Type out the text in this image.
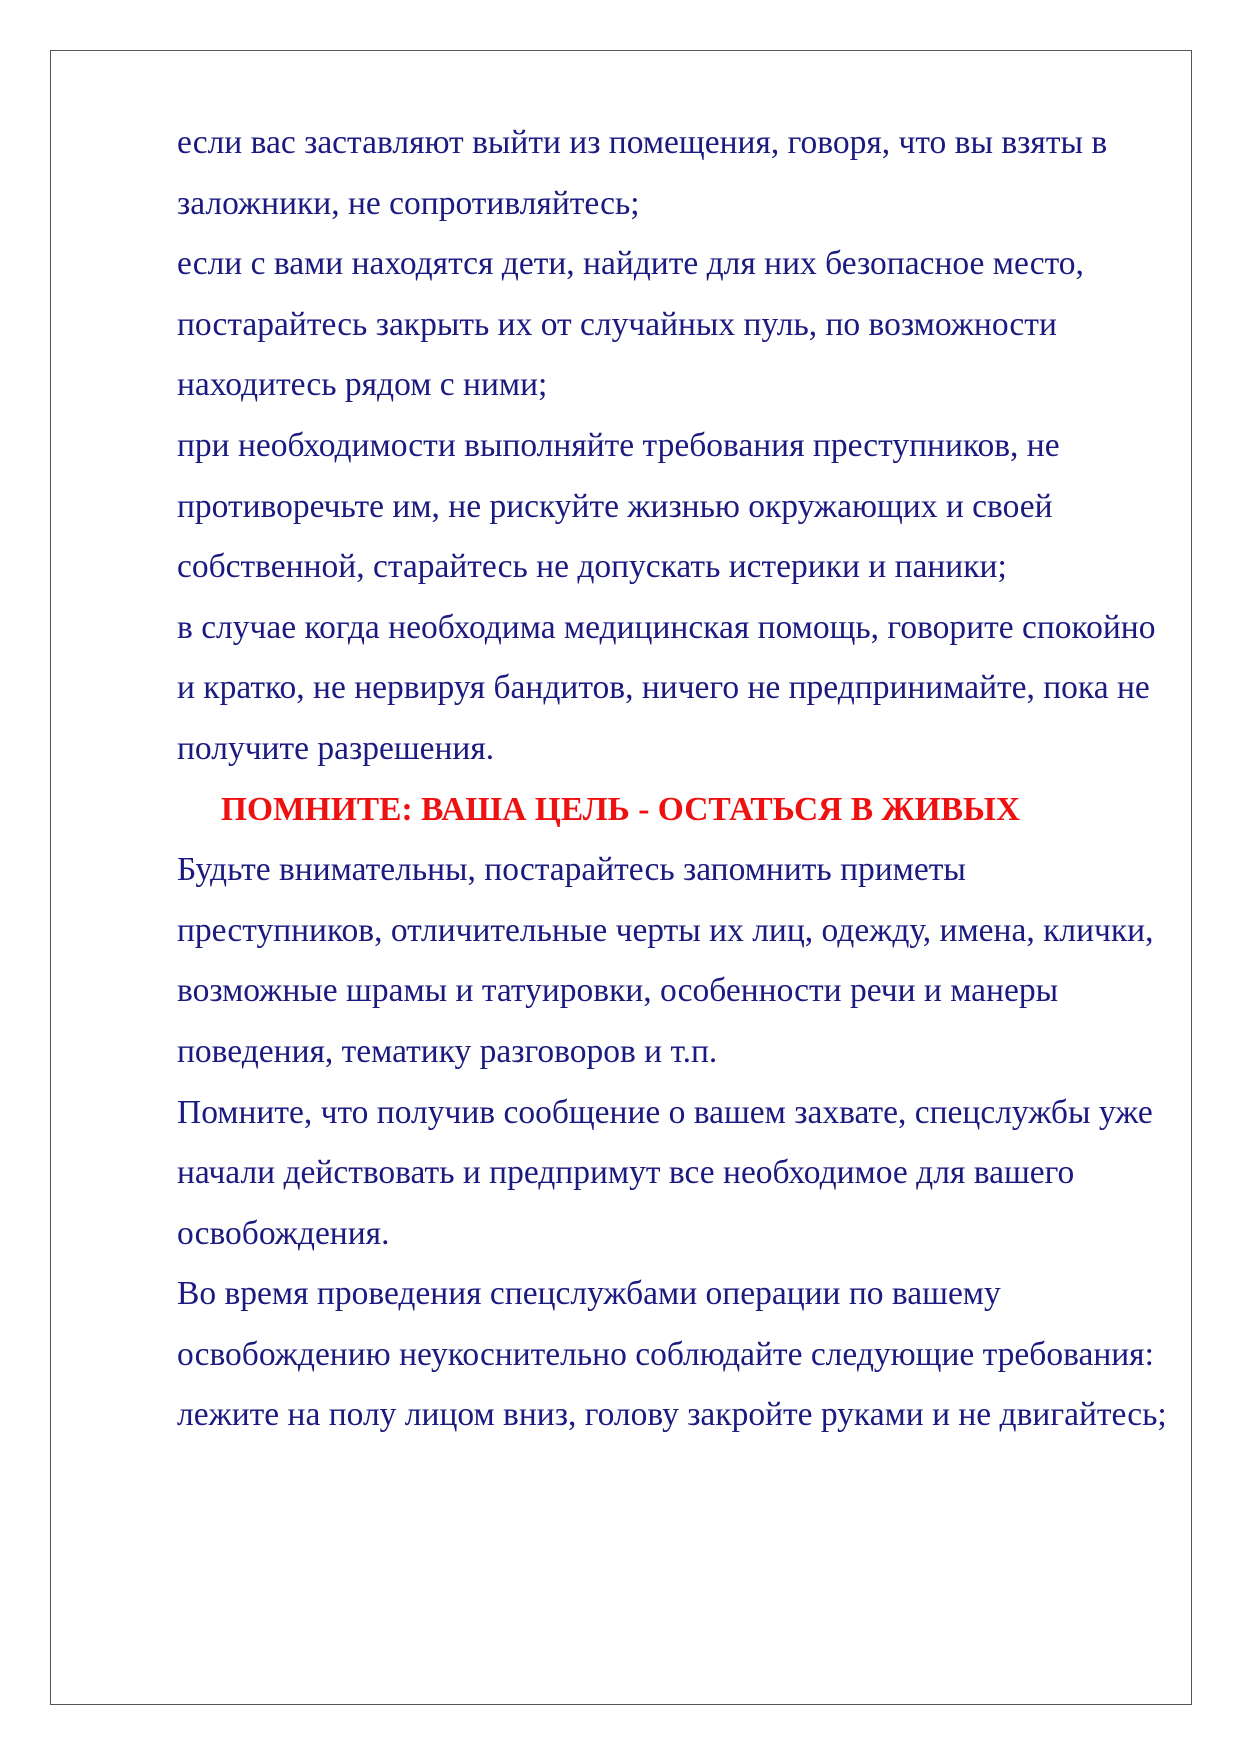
если вас заставляют выйти из помещения, говоря, что вы взяты в заложники, не сопротивляйтесь;

если с вами находятся дети, найдите для них безопасное место, постарайтесь закрыть их от случайных пуль, по возможности находитесь рядом с ними;

при необходимости выполняйте требования преступников, не противоречьте им, не рискуйте жизнью окружающих и своей собственной, старайтесь не допускать истерики и паники;

в случае когда необходима медицинская помощь, говорите спокойно и кратко, не нервируя бандитов, ничего не предпринимайте, пока не получите разрешения.

ПОМНИТЕ: ВАША ЦЕЛЬ - ОСТАТЬСЯ В ЖИВЫХ

Будьте внимательны, постарайтесь запомнить приметы преступников, отличительные черты их лиц, одежду, имена, клички, возможные шрамы и татуировки, особенности речи и манеры поведения, тематику разговоров и т.п.

Помните, что получив сообщение о вашем захвате, спецслужбы уже начали действовать и предпримут все необходимое для вашего освобождения.

Во время проведения спецслужбами операции по вашему освобождению неукоснительно соблюдайте следующие требования:

лежите на полу лицом вниз, голову закройте руками и не двигайтесь;
